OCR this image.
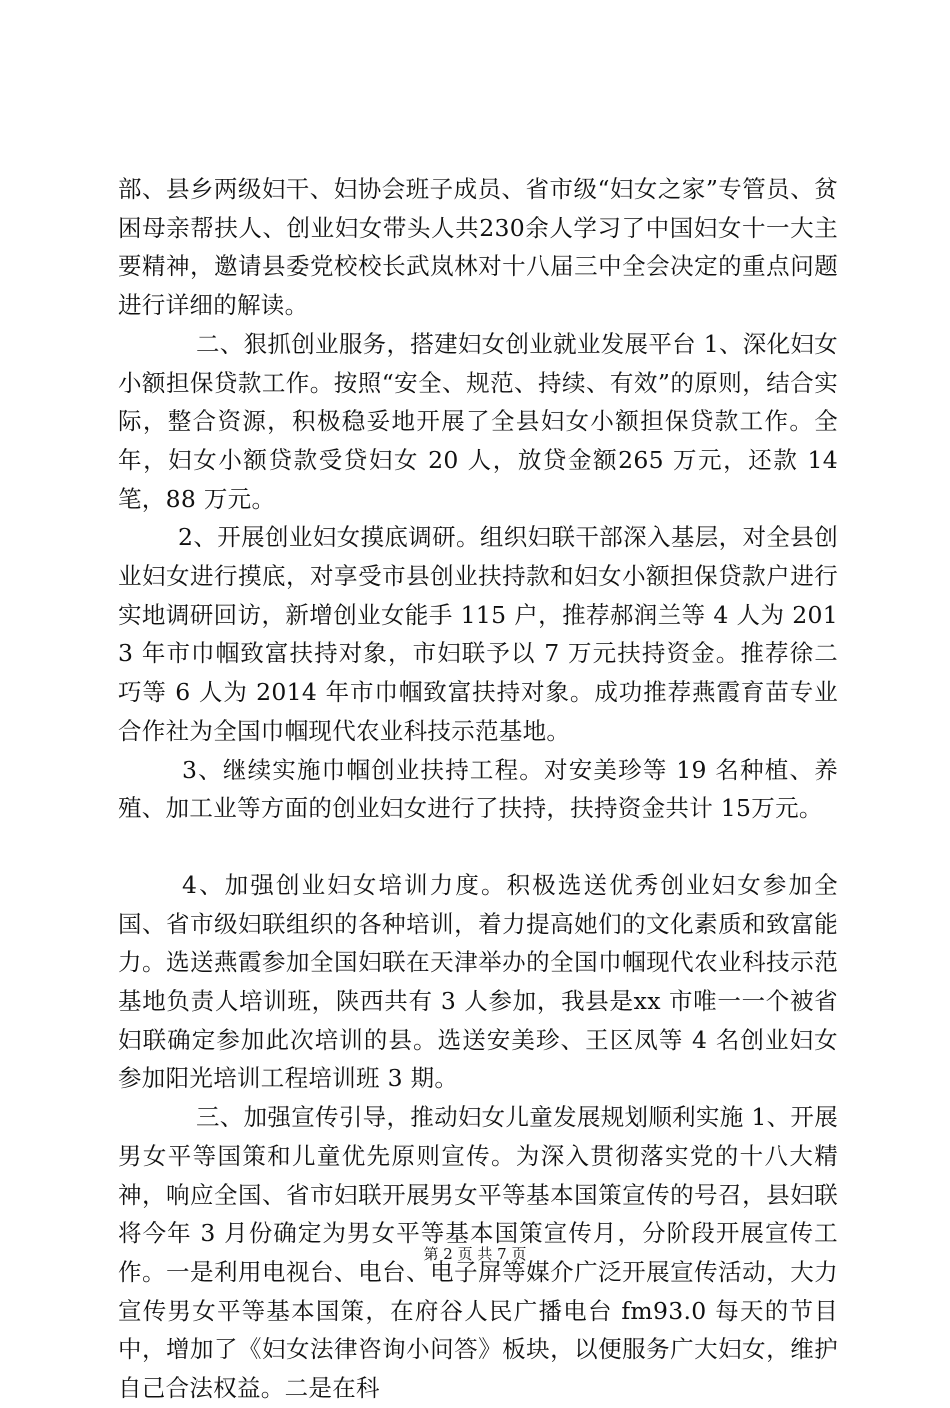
部、县乡两级妇干、妇协会班子成员、省市级“妇女之家”专管员、贫困母亲帮扶人、创业妇女带头人共230余人学习了中国妇女十一大主要精神，邀请县委党校校长武岚林对十八届三中全会决定的重点问题进行详细的解读。

二、狠抓创业服务，搭建妇女创业就业发展平台 1、深化妇女小额担保贷款工作。按照“安全、规范、持续、有效”的原则，结合实际，整合资源，积极稳妥地开展了全县妇女小额担保贷款工作。全年，妇女小额贷款受贷妇女 20 人，放贷金额265 万元，还款 14 笔，88 万元。

2、开展创业妇女摸底调研。组织妇联干部深入基层，对全县创业妇女进行摸底，对享受市县创业扶持款和妇女小额担保贷款户进行实地调研回访，新增创业女能手 115 户，推荐郝润兰等 4 人为 2013 年市巾帼致富扶持对象，市妇联予以 7 万元扶持资金。推荐徐二巧等 6 人为 2014 年市巾帼致富扶持对象。成功推荐燕霞育苗专业合作社为全国巾帼现代农业科技示范基地。

3、继续实施巾帼创业扶持工程。对安美珍等 19 名种植、养殖、加工业等方面的创业妇女进行了扶持，扶持资金共计 15万元。

4、加强创业妇女培训力度。积极选送优秀创业妇女参加全国、省市级妇联组织的各种培训，着力提高她们的文化素质和致富能力。选送燕霞参加全国妇联在天津举办的全国巾帼现代农业科技示范基地负责人培训班，陕西共有 3 人参加，我县是xx 市唯一一个被省妇联确定参加此次培训的县。选送安美珍、王区凤等 4 名创业妇女参加阳光培训工程培训班 3 期。

三、加强宣传引导，推动妇女儿童发展规划顺利实施 1、开展男女平等国策和儿童优先原则宣传。为深入贯彻落实党的十八大精神，响应全国、省市妇联开展男女平等基本国策宣传的号召，县妇联将今年 3 月份确定为男女平等基本国策宣传月，分阶段开展宣传工作。一是利用电视台、电台、电子屏等媒介广泛开展宣传活动，大力宣传男女平等基本国策，在府谷人民广播电台 fm93.0 每天的节目中，增加了《妇女法律咨询小问答》板块，以便服务广大妇女，维护自己合法权益。二是在科

第 2 页 共 7 页
